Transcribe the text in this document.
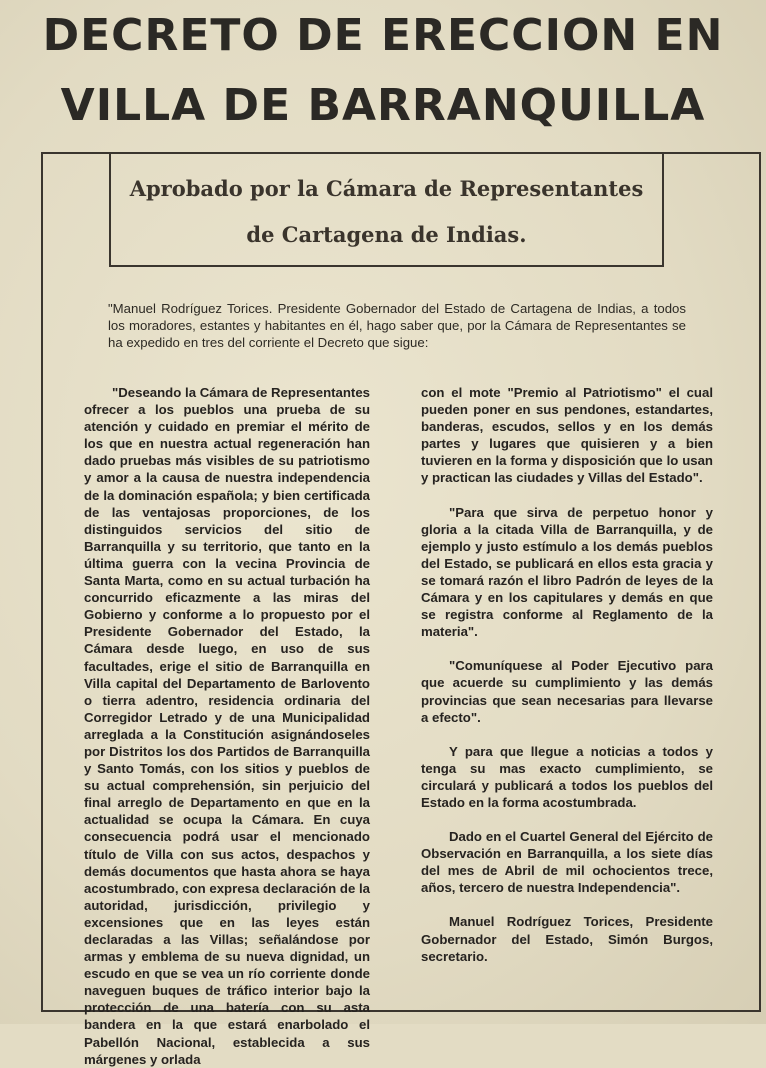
DECRETO DE ERECCION EN
VILLA DE BARRANQUILLA
Aprobado por la Cámara de Representantes
de Cartagena de Indias.
"Manuel Rodríguez Torices. Presidente Gobernador del Estado de Cartagena de Indias, a todos los moradores, estantes y habitantes en él, hago saber que, por la Cámara de Representantes se ha expedido en tres del corriente el Decreto que sigue:

"Deseando la Cámara de Representantes ofrecer a los pueblos una prueba de su atención y cuidado en premiar el mérito de los que en nuestra actual regeneración han dado pruebas más visibles de su patriotismo y amor a la causa de nuestra independencia de la dominación española; y bien certificada de las ventajosas proporciones, de los distinguidos servicios del sitio de Barranquilla y su territorio, que tanto en la última guerra con la vecina Provincia de Santa Marta, como en su actual turbación ha concurrido eficazmente a las miras del Gobierno y conforme a lo propuesto por el Presidente Gobernador del Estado, la Cámara desde luego, en uso de sus facultades, erige el sitio de Barranquilla en Villa capital del Departamento de Barlovento o tierra adentro, residencia ordinaria del Corregidor Letrado y de una Municipalidad arreglada a la Constitución asignándoseles por Distritos los dos Partidos de Barranquilla y Santo Tomás, con los sitios y pueblos de su actual comprehensión, sin perjuicio del final arreglo de Departamento en que en la actualidad se ocupa la Cámara. En cuya consecuencia podrá usar el mencionado título de Villa con sus actos, despachos y demás documentos que hasta ahora se haya acostumbrado, con expresa declaración de la autoridad, jurisdicción, privilegio y excensiones que en las leyes están declaradas a las Villas; señalándose por armas y emblema de su nueva dignidad, un escudo en que se vea un río corriente donde naveguen buques de tráfico interior bajo la protección de una batería con su asta bandera en la que estará enarbolado el Pabellón Nacional, establecida a sus márgenes y orlada

con el mote "Premio al Patriotismo" el cual pueden poner en sus pendones, estandartes, banderas, escudos, sellos y en los demás partes y lugares que quisieren y a bien tuvieren en la forma y disposición que lo usan y practican las ciudades y Villas del Estado".

"Para que sirva de perpetuo honor y gloria a la citada Villa de Barranquilla, y de ejemplo y justo estímulo a los demás pueblos del Estado, se publicará en ellos esta gracia y se tomará razón el libro Padrón de leyes de la Cámara y en los capitulares y demás en que se registra conforme al Reglamento de la materia".

"Comuníquese al Poder Ejecutivo para que acuerde su cumplimiento y las demás provincias que sean necesarias para llevarse a efecto".

Y para que llegue a noticias a todos y tenga su mas exacto cumplimiento, se circulará y publicará a todos los pueblos del Estado en la forma acostumbrada.

Dado en el Cuartel General del Ejército de Observación en Barranquilla, a los siete días del mes de Abril de mil ochocientos trece, años, tercero de nuestra Independencia".

Manuel Rodríguez Torices, Presidente Gobernador del Estado, Simón Burgos, secretario.
